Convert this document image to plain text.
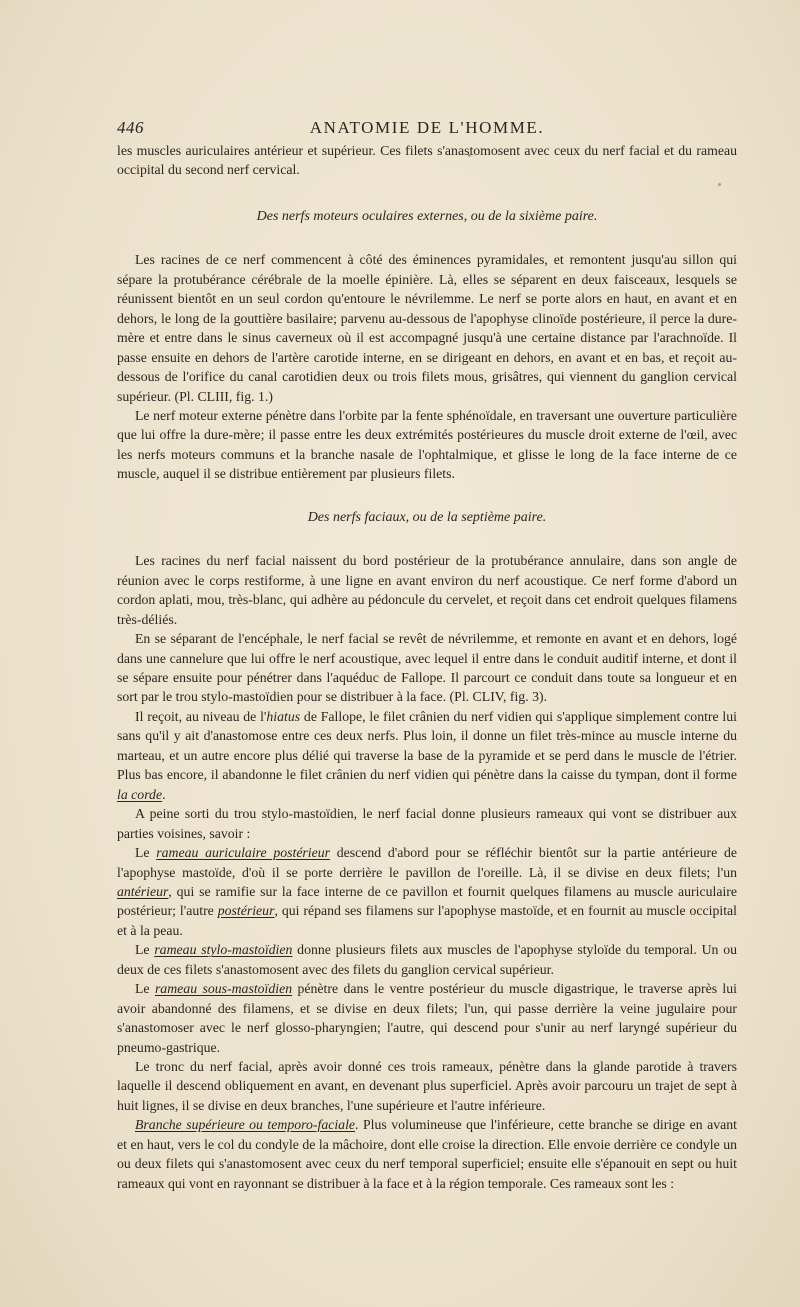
446	ANATOMIE DE L'HOMME.

les muscles auriculaires antérieur et supérieur. Ces filets s'anastomosent avec ceux du nerf facial et du rameau occipital du second nerf cervical.

Des nerfs moteurs oculaires externes, ou de la sixième paire.

Les racines de ce nerf commencent à côté des éminences pyramidales, et remontent jusqu'au sillon qui sépare la protubérance cérébrale de la moelle épinière. Là, elles se séparent en deux faisceaux, lesquels se réunissent bientôt en un seul cordon qu'entoure le névrilemme. Le nerf se porte alors en haut, en avant et en dehors, le long de la gouttière basilaire; parvenu au-dessous de l'apophyse clinoïde postérieure, il perce la dure-mère et entre dans le sinus caverneux où il est accompagné jusqu'à une certaine distance par l'arachnoïde. Il passe ensuite en dehors de l'artère carotide interne, en se dirigeant en dehors, en avant et en bas, et reçoit au-dessous de l'orifice du canal carotidien deux ou trois filets mous, grisâtres, qui viennent du ganglion cervical supérieur. (Pl. CLIII, fig. 1.)

Le nerf moteur externe pénètre dans l'orbite par la fente sphénoïdale, en traversant une ouverture particulière que lui offre la dure-mère; il passe entre les deux extrémités postérieures du muscle droit externe de l'œil, avec les nerfs moteurs communs et la branche nasale de l'ophtalmique, et glisse le long de la face interne de ce muscle, auquel il se distribue entièrement par plusieurs filets.

Des nerfs faciaux, ou de la septième paire.

Les racines du nerf facial naissent du bord postérieur de la protubérance annulaire, dans son angle de réunion avec le corps restiforme, à une ligne en avant environ du nerf acoustique. Ce nerf forme d'abord un cordon aplati, mou, très-blanc, qui adhère au pédoncule du cervelet, et reçoit dans cet endroit quelques filamens très-déliés.

En se séparant de l'encéphale, le nerf facial se revêt de névrilemme, et remonte en avant et en dehors, logé dans une cannelure que lui offre le nerf acoustique, avec lequel il entre dans le conduit auditif interne, et dont il se sépare ensuite pour pénétrer dans l'aquéduc de Fallope. Il parcourt ce conduit dans toute sa longueur et en sort par le trou stylo-mastoïdien pour se distribuer à la face. (Pl. CLIV, fig. 3).

Il reçoit, au niveau de l'hiatus de Fallope, le filet crânien du nerf vidien qui s'applique simplement contre lui sans qu'il y ait d'anastomose entre ces deux nerfs. Plus loin, il donne un filet très-mince au muscle interne du marteau, et un autre encore plus délié qui traverse la base de la pyramide et se perd dans le muscle de l'étrier. Plus bas encore, il abandonne le filet crânien du nerf vidien qui pénètre dans la caisse du tympan, dont il forme la corde.

A peine sorti du trou stylo-mastoïdien, le nerf facial donne plusieurs rameaux qui vont se distribuer aux parties voisines, savoir :

Le rameau auriculaire postérieur descend d'abord pour se réfléchir bientôt sur la partie antérieure de l'apophyse mastoïde, d'où il se porte derrière le pavillon de l'oreille. Là, il se divise en deux filets; l'un antérieur, qui se ramifie sur la face interne de ce pavillon et fournit quelques filamens au muscle auriculaire postérieur; l'autre postérieur, qui répand ses filamens sur l'apophyse mastoïde, et en fournit au muscle occipital et à la peau.

Le rameau stylo-mastoïdien donne plusieurs filets aux muscles de l'apophyse styloïde du temporal. Un ou deux de ces filets s'anastomosent avec des filets du ganglion cervical supérieur.

Le rameau sous-mastoïdien pénètre dans le ventre postérieur du muscle digastrique, le traverse après lui avoir abandonné des filamens, et se divise en deux filets; l'un, qui passe derrière la veine jugulaire pour s'anastomoser avec le nerf glosso-pharyngien; l'autre, qui descend pour s'unir au nerf laryngé supérieur du pneumo-gastrique.

Le tronc du nerf facial, après avoir donné ces trois rameaux, pénètre dans la glande parotide à travers laquelle il descend obliquement en avant, en devenant plus superficiel. Après avoir parcouru un trajet de sept à huit lignes, il se divise en deux branches, l'une supérieure et l'autre inférieure.

Branche supérieure ou temporo-faciale. Plus volumineuse que l'inférieure, cette branche se dirige en avant et en haut, vers le col du condyle de la mâchoire, dont elle croise la direction. Elle envoie derrière ce condyle un ou deux filets qui s'anastomosent avec ceux du nerf temporal superficiel; ensuite elle s'épanouit en sept ou huit rameaux qui vont en rayonnant se distribuer à la face et à la région temporale. Ces rameaux sont les :
